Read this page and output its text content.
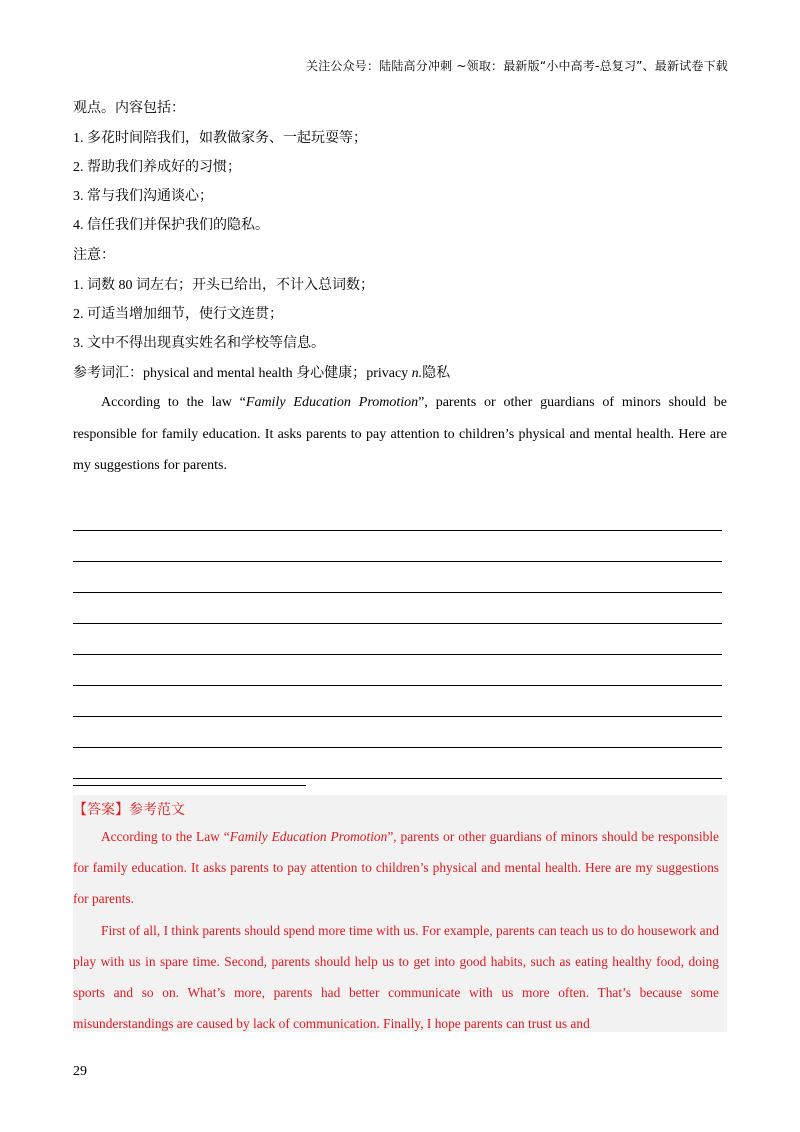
关注公众号：陆陆高分冲刺 ~领取：最新版“小中高考-总复习”、最新试卷下载
观点。内容包括：
1. 多花时间陪我们，如教做家务、一起玩耍等；
2. 帮助我们养成好的习惯；
3. 常与我们沟通谈心；
4. 信任我们并保护我们的隐私。
注意：
1. 词数 80 词左右；开头已给出，不计入总词数；
2. 可适当增加细节，使行文连贯；
3. 文中不得出现真实姓名和学校等信息。
参考词汇：physical and mental health 身心健康；privacy n.隐私

According to the law “Family Education Promotion”, parents or other guardians of minors should be responsible for family education. It asks parents to pay attention to children’s physical and mental health. Here are my suggestions for parents.

【答案】参考范文

According to the Law “Family Education Promotion”, parents or other guardians of minors should be responsible for family education. It asks parents to pay attention to children’s physical and mental health. Here are my suggestions for parents.

First of all, I think parents should spend more time with us. For example, parents can teach us to do housework and play with us in spare time. Second, parents should help us to get into good habits, such as eating healthy food, doing sports and so on. What’s more, parents had better communicate with us more often. That’s because some misunderstandings are caused by lack of communication. Finally, I hope parents can trust us and

29
